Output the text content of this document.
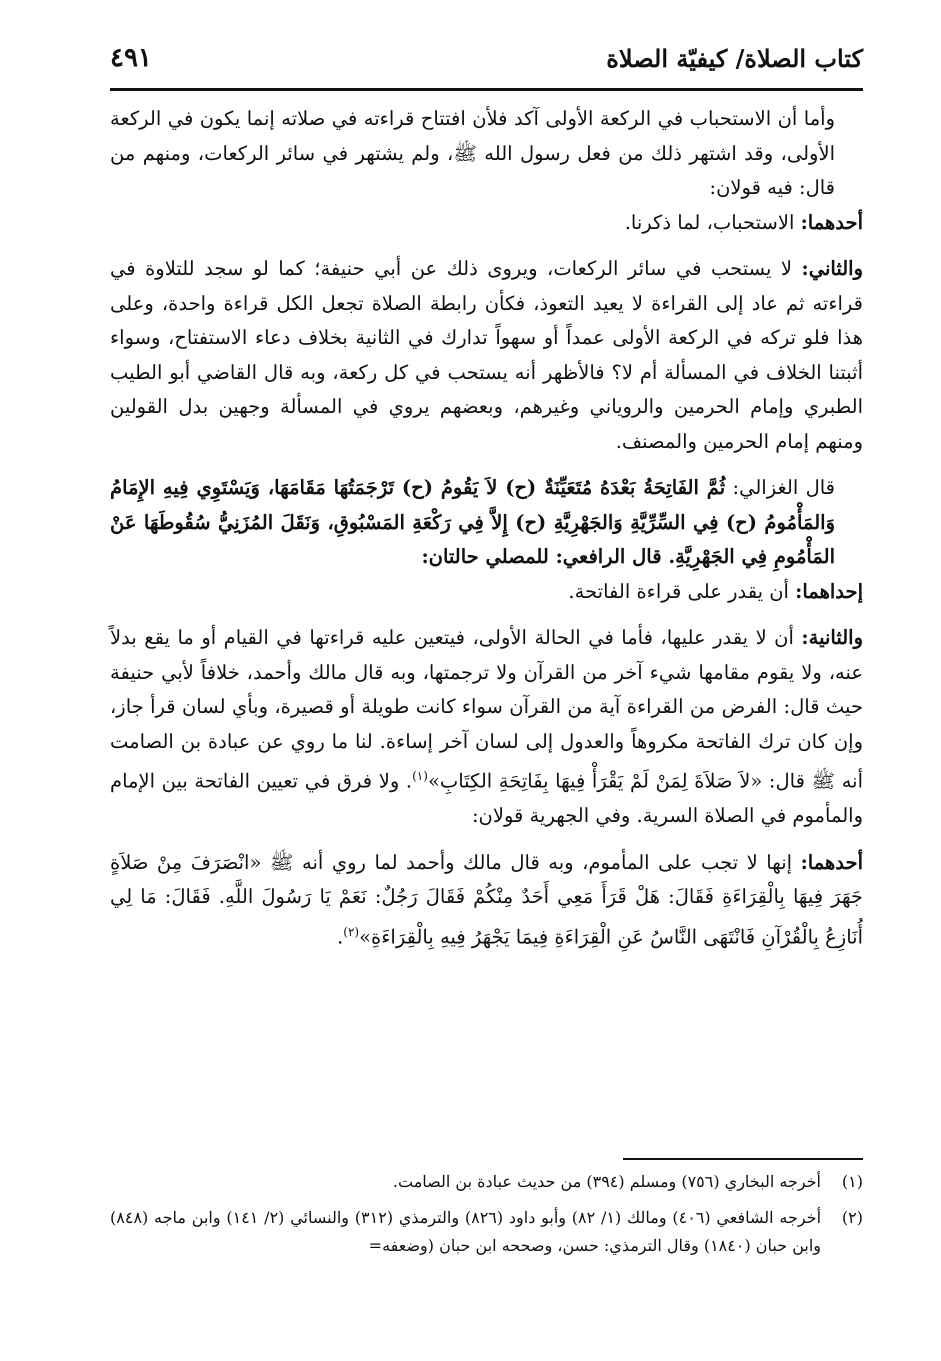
كتاب الصلاة/ كيفيّة الصلاة
٤٩١

وأما أن الاستحباب في الركعة الأولى آكد فلأن افتتاح قراءته في صلاته إنما يكون في الركعة الأولى، وقد اشتهر ذلك من فعل رسول الله ﷺ، ولم يشتهر في سائر الركعات، ومنهم من قال: فيه قولان:

أحدهما: الاستحباب، لما ذكرنا.

والثاني: لا يستحب في سائر الركعات، ويروى ذلك عن أبي حنيفة؛ كما لو سجد للتلاوة في قراءته ثم عاد إلى القراءة لا يعيد التعوذ، فكأن رابطة الصلاة تجعل الكل قراءة واحدة، وعلى هذا فلو تركه في الركعة الأولى عمداً أو سهواً تدارك في الثانية بخلاف دعاء الاستفتاح، وسواء أثبتنا الخلاف في المسألة أم لا؟ فالأظهر أنه يستحب في كل ركعة، وبه قال القاضي أبو الطيب الطبري وإمام الحرمين والروياني وغيرهم، وبعضهم يروي في المسألة وجهين بدل القولين ومنهم إمام الحرمين والمصنف.

قال الغزالي: ثُمَّ الفَاتِحَةُ بَعْدَهُ مُتَعَيِّنَةٌ (ح) لاَ يَقُومُ (ح) تَرْجَمَتُهَا مَقَامَهَا، وَيَسْتَوِي فِيهِ الإِمَامُ وَالمَأْمُومُ (ح) فِي السِّرِّيَّةِ وَالجَهْرِيَّةِ (ح) إِلاَّ فِي رَكْعَةِ المَسْبُوقِ، وَنَقَلَ المُزَنِيُّ سُقُوطَهَا عَنْ المَأْمُومِ فِي الجَهْرِيَّةِ. قال الرافعي: للمصلي حالتان:

إحداهما: أن يقدر على قراءة الفاتحة.

والثانية: أن لا يقدر عليها، فأما في الحالة الأولى، فيتعين عليه قراءتها في القيام أو ما يقع بدلاً عنه، ولا يقوم مقامها شيء آخر من القرآن ولا ترجمتها، وبه قال مالك وأحمد، خلافاً لأبي حنيفة حيث قال: الفرض من القراءة آية من القرآن سواء كانت طويلة أو قصيرة، وبأي لسان قرأ جاز، وإن كان ترك الفاتحة مكروهاً والعدول إلى لسان آخر إساءة. لنا ما روي عن عبادة بن الصامت أنه ﷺ قال: «لاَ صَلاَةَ لِمَنْ لَمْ يَقْرَأْ فِيهَا بِفَاتِحَةِ الكِتَابِ»$^{(١)}$. ولا فرق في تعيين الفاتحة بين الإمام والمأموم في الصلاة السرية. وفي الجهرية قولان:

أحدهما: إنها لا تجب على المأموم، وبه قال مالك وأحمد لما روي أنه ﷺ «انْصَرَفَ مِنْ صَلاَةٍ جَهَرَ فِيهَا بِالْقِرَاءَةِ فَقَالَ: هَلْ قَرَأَ مَعِي أَحَدٌ مِنْكُمْ فَقَالَ رَجُلٌ: نَعَمْ يَا رَسُولَ اللَّهِ. فَقَالَ: مَا لِي أُنَازِعُ بِالْقُرْآنِ فَانْتَهَى النَّاسُ عَنِ الْقِرَاءَةِ فِيمَا يَجْهَرُ فِيهِ بِالْقِرَاءَةِ»$^{(٢)}$.

(١)
أخرجه البخاري (٧٥٦) ومسلم (٣٩٤) من حديث عبادة بن الصامت.
(٢)
أخرجه الشافعي (٤٠٦) ومالك (١/ ٨٢) وأبو داود (٨٢٦) والترمذي (٣١٢) والنسائي (٢/ ١٤١) وابن ماجه (٨٤٨) وابن حبان (١٨٤٠) وقال الترمذي: حسن، وصححه ابن حبان (وضعفه=
